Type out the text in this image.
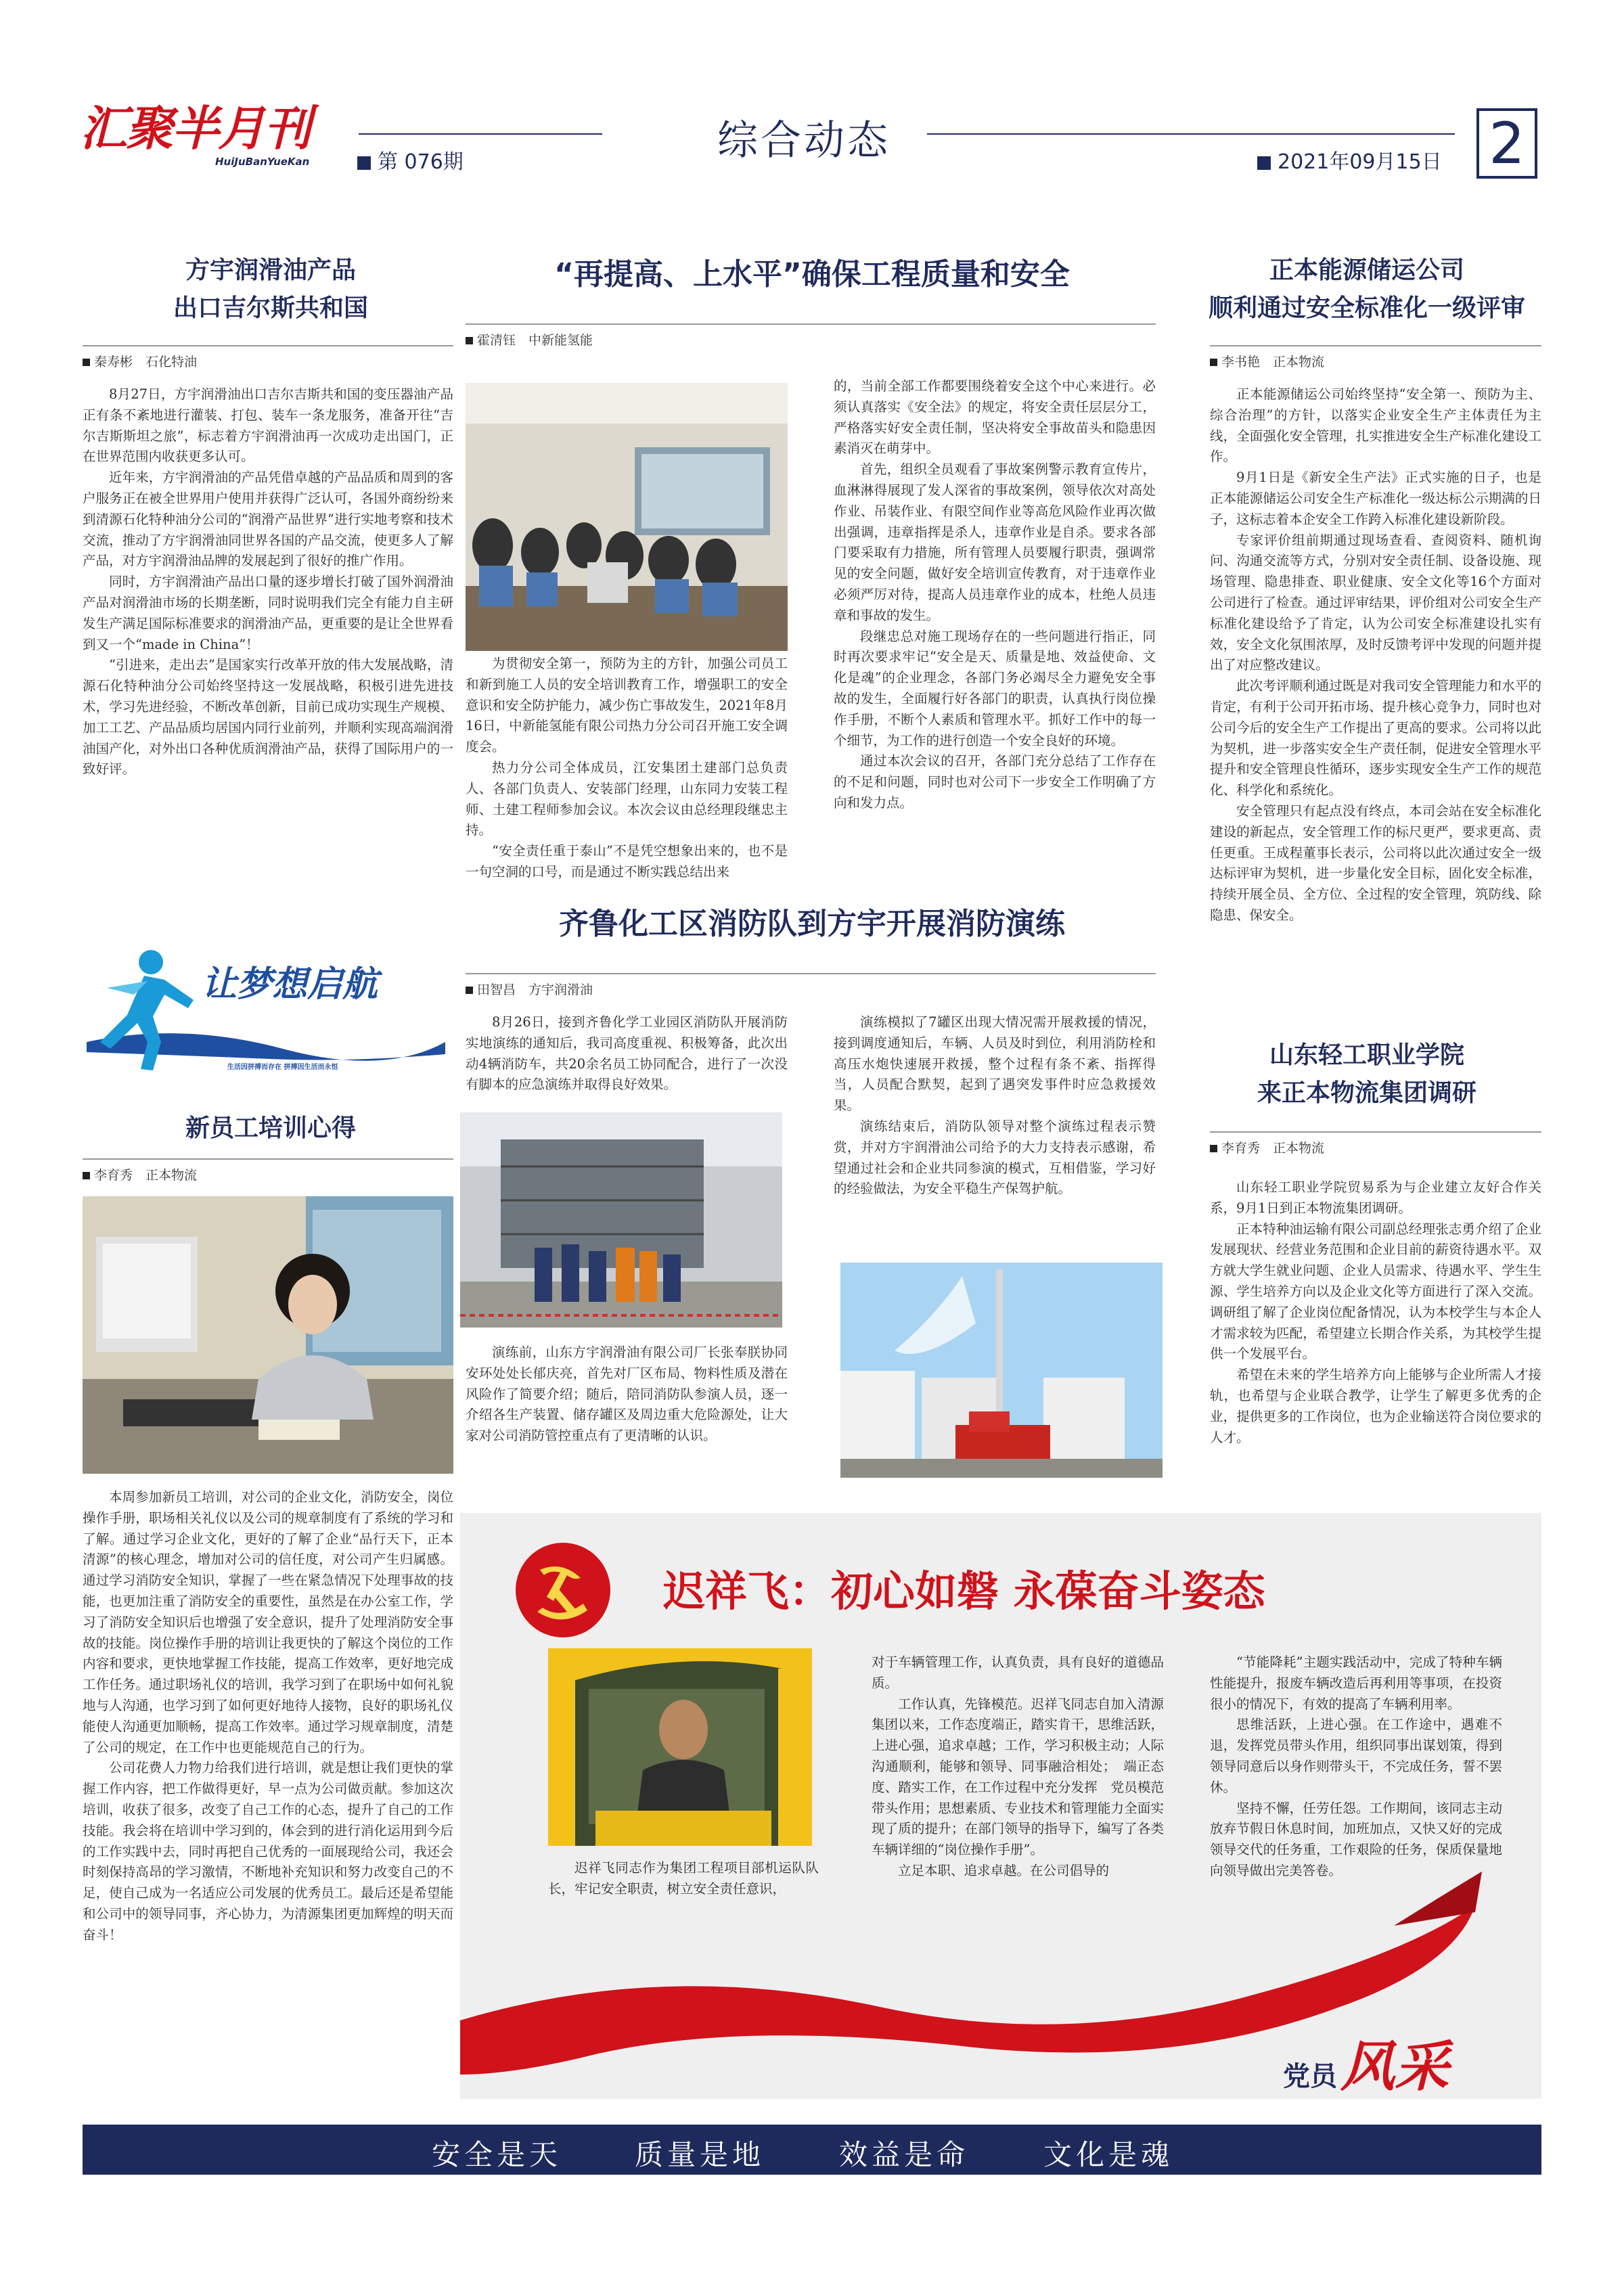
汇聚半月刊
HuiJuBanYueKan	第 076期	综合动态	2021年09月15日 2
方宇润滑油产品
出口吉尔斯共和国
秦寿彬　石化特油

8月27日，方宇润滑油出口吉尔吉斯共和国的变压器油产品正有条不紊地进行灌装、打包、装车一条龙服务，准备开往“吉尔吉斯斯坦之旅”，标志着方宇润滑油再一次成功走出国门，正在世界范围内收获更多认可。

近年来，方宇润滑油的产品凭借卓越的产品品质和周到的客户服务正在被全世界用户使用并获得广泛认可，各国外商纷纷来到清源石化特种油分公司的“润滑产品世界”进行实地考察和技术交流，推动了方宇润滑油同世界各国的产品交流，使更多人了解产品，对方宇润滑油品牌的发展起到了很好的推广作用。

同时，方宇润滑油产品出口量的逐步增长打破了国外润滑油产品对润滑油市场的长期垄断，同时说明我们完全有能力自主研发生产满足国际标准要求的润滑油产品，更重要的是让全世界看到又一个“made in China”！

“引进来，走出去”是国家实行改革开放的伟大发展战略，清源石化特种油分公司始终坚持这一发展战略，积极引进先进技术，学习先进经验，不断改革创新，目前已成功实现生产规模、加工工艺、产品品质均居国内同行业前列，并顺利实现高端润滑油国产化，对外出口各种优质润滑油产品，获得了国际用户的一致好评。

让梦想启航
生活因拼搏而存在 拼搏因生活而永恒
新员工培训心得
李育秀　正本物流

本周参加新员工培训，对公司的企业文化，消防安全，岗位操作手册，职场相关礼仪以及公司的规章制度有了系统的学习和了解。通过学习企业文化，更好的了解了企业“品行天下，正本清源”的核心理念，增加对公司的信任度，对公司产生归属感。通过学习消防安全知识，掌握了一些在紧急情况下处理事故的技能，也更加注重了消防安全的重要性，虽然是在办公室工作，学习了消防安全知识后也增强了安全意识，提升了处理消防安全事故的技能。岗位操作手册的培训让我更快的了解这个岗位的工作内容和要求，更快地掌握工作技能，提高工作效率，更好地完成工作任务。通过职场礼仪的培训，我学习到了在职场中如何礼貌地与人沟通，也学习到了如何更好地待人接物，良好的职场礼仪能使人沟通更加顺畅，提高工作效率。通过学习规章制度，清楚了公司的规定，在工作中也更能规范自己的行为。

公司花费人力物力给我们进行培训，就是想让我们更快的掌握工作内容，把工作做得更好，早一点为公司做贡献。参加这次培训，收获了很多，改变了自己工作的心态，提升了自己的工作技能。我会将在培训中学习到的，体会到的进行消化运用到今后的工作实践中去，同时再把自己优秀的一面展现给公司，我还会时刻保持高昂的学习激情，不断地补充知识和努力改变自己的不足，使自己成为一名适应公司发展的优秀员工。最后还是希望能和公司中的领导同事，齐心协力，为清源集团更加辉煌的明天而奋斗！

“再提高、上水平”确保工程质量和安全
霍清钰　中新能氢能

为贯彻安全第一，预防为主的方针，加强公司员工和新到施工人员的安全培训教育工作，增强职工的安全意识和安全防护能力，减少伤亡事故发生，2021年8月16日，中新能氢能有限公司热力分公司召开施工安全调度会。

热力分公司全体成员，江安集团土建部门总负责人、各部门负责人、安装部门经理，山东同力安装工程师、土建工程师参加会议。本次会议由总经理段继忠主持。

“安全责任重于泰山”不是凭空想象出来的，也不是一句空洞的口号，而是通过不断实践总结出来

的，当前全部工作都要围绕着安全这个中心来进行。必须认真落实《安全法》的规定，将安全责任层层分工，严格落实好安全责任制，坚决将安全事故苗头和隐患因素消灭在萌芽中。

首先，组织全员观看了事故案例警示教育宣传片，血淋淋得展现了发人深省的事故案例，领导依次对高处作业、吊装作业、有限空间作业等高危风险作业再次做出强调，违章指挥是杀人，违章作业是自杀。要求各部门要采取有力措施，所有管理人员要履行职责，强调常见的安全问题，做好安全培训宣传教育，对于违章作业必须严厉对待，提高人员违章作业的成本，杜绝人员违章和事故的发生。

段继忠总对施工现场存在的一些问题进行指正，同时再次要求牢记“安全是天、质量是地、效益使命、文化是魂”的企业理念，各部门务必竭尽全力避免安全事故的发生，全面履行好各部门的职责，认真执行岗位操作手册，不断个人素质和管理水平。抓好工作中的每一个细节，为工作的进行创造一个安全良好的环境。

通过本次会议的召开，各部门充分总结了工作存在的不足和问题，同时也对公司下一步安全工作明确了方向和发力点。

齐鲁化工区消防队到方宇开展消防演练
田智昌　方宇润滑油

8月26日，接到齐鲁化学工业园区消防队开展消防实地演练的通知后，我司高度重视、积极筹备，此次出动4辆消防车，共20余名员工协同配合，进行了一次没有脚本的应急演练并取得良好效果。

演练前，山东方宇润滑油有限公司厂长张奉朕协同安环处处长郁庆亮，首先对厂区布局、物料性质及潜在风险作了简要介绍；随后，陪同消防队参演人员，逐一介绍各生产装置、储存罐区及周边重大危险源处，让大家对公司消防管控重点有了更清晰的认识。

演练模拟了7罐区出现大情况需开展救援的情况，接到调度通知后，车辆、人员及时到位，利用消防栓和高压水炮快速展开救援，整个过程有条不紊、指挥得当，人员配合默契，起到了遇突发事件时应急救援效果。

演练结束后，消防队领导对整个演练过程表示赞赏，并对方宇润滑油公司给予的大力支持表示感谢，希望通过社会和企业共同参演的模式，互相借鉴，学习好的经验做法，为安全平稳生产保驾护航。

正本能源储运公司
顺利通过安全标准化一级评审
李书艳　正本物流

正本能源储运公司始终坚持“安全第一、预防为主、综合治理”的方针，以落实企业安全生产主体责任为主线，全面强化安全管理，扎实推进安全生产标准化建设工作。

9月1日是《新安全生产法》正式实施的日子，也是正本能源储运公司安全生产标准化一级达标公示期满的日子，这标志着本企安全工作跨入标准化建设新阶段。

专家评价组前期通过现场查看、查阅资料、随机询问、沟通交流等方式，分别对安全责任制、设备设施、现场管理、隐患排查、职业健康、安全文化等16个方面对公司进行了检查。通过评审结果，评价组对公司安全生产标准化建设给予了肯定，认为公司安全标准建设扎实有效，安全文化氛围浓厚，及时反馈考评中发现的问题并提出了对应整改建议。

此次考评顺利通过既是对我司安全管理能力和水平的肯定，有利于公司开拓市场、提升核心竞争力，同时也对公司今后的安全生产工作提出了更高的要求。公司将以此为契机，进一步落实安全生产责任制，促进安全管理水平提升和安全管理良性循环，逐步实现安全生产工作的规范化、科学化和系统化。

安全管理只有起点没有终点，本司会站在安全标准化建设的新起点，安全管理工作的标尺更严，要求更高、责任更重。王成程董事长表示，公司将以此次通过安全一级达标评审为契机，进一步量化安全目标，固化安全标准，持续开展全员、全方位、全过程的安全管理，筑防线、除隐患、保安全。

山东轻工职业学院
来正本物流集团调研
李育秀　正本物流

山东轻工职业学院贸易系为与企业建立友好合作关系，9月1日到正本物流集团调研。

正本特种油运输有限公司副总经理张志勇介绍了企业发展现状、经营业务范围和企业目前的薪资待遇水平。双方就大学生就业问题、企业人员需求、待遇水平、学生生源、学生培养方向以及企业文化等方面进行了深入交流。调研组了解了企业岗位配备情况，认为本校学生与本企人才需求较为匹配，希望建立长期合作关系，为其校学生提供一个发展平台。

希望在未来的学生培养方向上能够与企业所需人才接轨，也希望与企业联合教学，让学生了解更多优秀的企业，提供更多的工作岗位，也为企业输送符合岗位要求的人才。

迟祥飞：初心如磐 永葆奋斗姿态

迟祥飞同志作为集团工程项目部机运队队长，牢记安全职责，树立安全责任意识，

对于车辆管理工作，认真负责，具有良好的道德品质。

工作认真，先锋模范。迟祥飞同志自加入清源集团以来，工作态度端正，踏实肯干，思维活跃，上进心强，追求卓越；工作，学习积极主动；人际沟通顺利，能够和领导、同事融洽相处；　端正态度、踏实工作，在工作过程中充分发挥　党员模范带头作用；思想素质、专业技术和管理能力全面实现了质的提升；在部门领导的指导下，编写了各类车辆详细的“岗位操作手册”。

立足本职、追求卓越。在公司倡导的

“节能降耗”主题实践活动中，完成了特种车辆性能提升，报废车辆改造后再利用等事项，在投资很小的情况下，有效的提高了车辆利用率。

思维活跃，上进心强。在工作途中，遇难不退，发挥党员带头作用，组织同事出谋划策，得到领导同意后以身作则带头干，不完成任务，誓不罢休。

坚持不懈，任劳任怨。工作期间，该同志主动放弃节假日休息时间，加班加点，又快又好的完成领导交代的任务重，工作艰险的任务，保质保量地向领导做出完美答卷。

党员 风采
安全是天	质量是地	效益是命	文化是魂
